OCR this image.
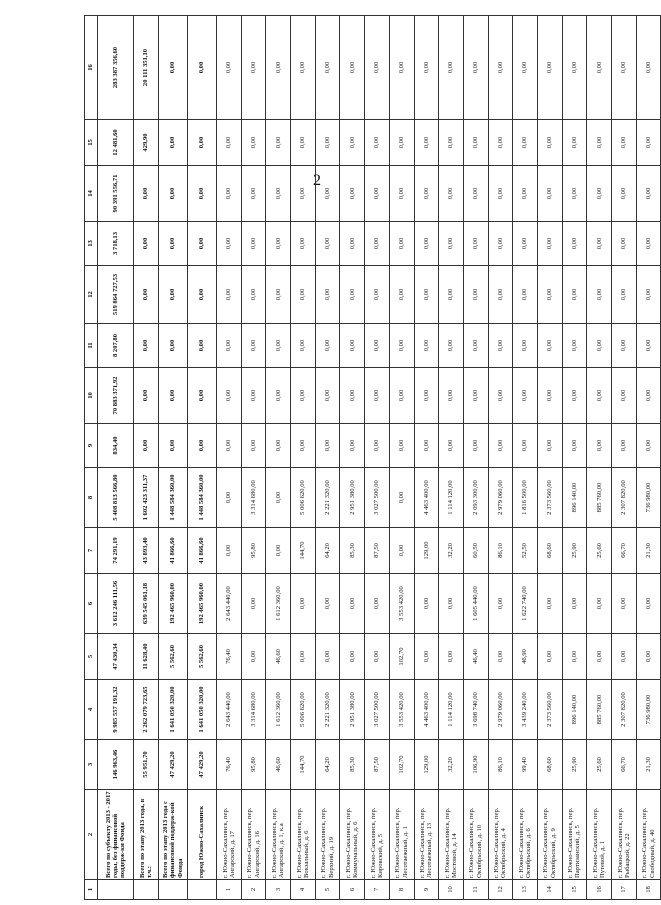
2
1	2	3	4	5	6	7	8	9	10	11	12	13	14	15	16
	Всего по субъекту 2013 - 2017 годы, без финансовой поддерж-ки Фонда	146 963,46	9 985 557 191,32	47 430,34	3 612 246 111,56	74 291,19	5 408 813 566,80	834,40	70 883 371,92	8 207,80	519 864 727,53	3 718,13	90 391 556,71	12 481,60	283 387 356,60
	Всего по этапу 2013 года, в т.ч.:	55 951,70	2 262 079 723,65	11 628,40	639 545 061,18	43 893,40	1 602 423 311,37	0,00	0,00	0,00	0,00	0,00	0,00	429,90	20 111 351,10
	Всего по этапу 2013 года с финансовой поддерж-кой Фонда	47 429,20	1 641 050 320,00	5 562,60	192 465 960,00	41 866,60	1 448 584 360,00	0,00	0,00	0,00	0,00	0,00	0,00	0,00	0,00
	город Южно-Сахалинск	47 429,20	1 641 050 320,00	5 562,60	192 465 960,00	41 866,60	1 448 584 360,00	0,00	0,00	0,00	0,00	0,00	0,00	0,00	0,00
1	г. Южно-Сахалинск, пер. Ангарский, д. 17	76,40	2 643 440,00	76,40	2 643 440,00	0,00	0,00	0,00	0,00	0,00	0,00	0,00	0,00	0,00	0,00
2	г. Южно-Сахалинск, пер. Ангарский, д. 16	95,80	3 314 680,00	0,00	0,00	95,80	3 314 680,00	0,00	0,00	0,00	0,00	0,00	0,00	0,00	0,00
3	г. Южно-Сахалинск, пер. Ангарский, д. 1, к.а	46,60	1 612 360,00	46,60	1 612 360,00	0,00	0,00	0,00	0,00	0,00	0,00	0,00	0,00	0,00	0,00
4	г. Южно-Сахалинск, пер. Вокзальный, д. 6	144,70	5 006 620,00	0,00	0,00	144,70	5 006 620,00	0,00	0,00	0,00	0,00	0,00	0,00	0,00	0,00
5	г. Южно-Сахалинск, пер. Верхний, д. 19	64,20	2 221 320,00	0,00	0,00	64,20	2 221 320,00	0,00	0,00	0,00	0,00	0,00	0,00	0,00	0,00
6	г. Южно-Сахалинск, пер. Коммунальный, д. 6	85,30	2 951 380,00	0,00	0,00	85,30	2 951 380,00	0,00	0,00	0,00	0,00	0,00	0,00	0,00	0,00
7	г. Южно-Сахалинск, пер. Кировский, д. 5	87,50	3 027 500,00	0,00	0,00	87,50	3 027 500,00	0,00	0,00	0,00	0,00	0,00	0,00	0,00	0,00
8	г. Южно-Сахалинск, пер. Лесотаежный, д. 1	102,70	3 553 420,00	102,70	3 553 420,00	0,00	0,00	0,00	0,00	0,00	0,00	0,00	0,00	0,00	0,00
9	г. Южно-Сахалинск, пер. Лесотаежный, д. 13	129,00	4 463 400,00	0,00	0,00	129,00	4 463 400,00	0,00	0,00	0,00	0,00	0,00	0,00	0,00	0,00
10	г. Южно-Сахалинск, пер. Мостовой, д. 14	32,20	1 114 120,00	0,00	0,00	32,20	1 114 120,00	0,00	0,00	0,00	0,00	0,00	0,00	0,00	0,00
11	г. Южно-Сахалинск, пер. Октябрьский, д. 10	106,90	3 698 740,00	46,40	1 605 440,00	60,50	2 093 300,00	0,00	0,00	0,00	0,00	0,00	0,00	0,00	0,00
12	г. Южно-Сахалинск, пер. Октябрьский, д. 4	86,10	2 979 060,00	0,00	0,00	86,10	2 979 060,00	0,00	0,00	0,00	0,00	0,00	0,00	0,00	0,00
13	г. Южно-Сахалинск, пер. Октябрьский, д. 6	99,40	3 439 240,00	46,90	1 622 740,00	52,50	1 816 500,00	0,00	0,00	0,00	0,00	0,00	0,00	0,00	0,00
14	г. Южно-Сахалинск, пер. Октябрьский, д. 9	68,60	2 373 560,00	0,00	0,00	68,60	2 373 560,00	0,00	0,00	0,00	0,00	0,00	0,00	0,00	0,00
15	г. Южно-Сахалинск, пер. Партизанский, д. 5	25,90	896 140,00	0,00	0,00	25,90	896 140,00	0,00	0,00	0,00	0,00	0,00	0,00	0,00	0,00
16	г. Южно-Сахалинск, пер. Путевой, д. 1	25,60	885 760,00	0,00	0,00	25,60	885 760,00	0,00	0,00	0,00	0,00	0,00	0,00	0,00	0,00
17	г. Южно-Сахалинск, пер. Рыбацкий, д. 22	66,70	2 307 820,00	0,00	0,00	66,70	2 307 820,00	0,00	0,00	0,00	0,00	0,00	0,00	0,00	0,00
18	г. Южно-Сахалинск, пер. Свободный, д. 40	21,30	736 980,00	0,00	0,00	21,30	736 980,00	0,00	0,00	0,00	0,00	0,00	0,00	0,00	0,00
